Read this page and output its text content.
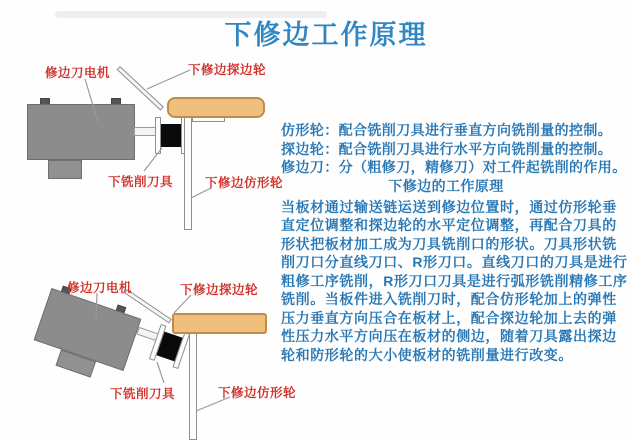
下修边工作原理
修边刀电机	下修边探边轮
下铣削刀具	下修边仿形轮
修边刀电机	下修边探边轮
下铣削刀具	下修边仿形轮
仿形轮：配合铣削刀具进行垂直方向铣削量的控制。
探边轮：配合铣削刀具进行水平方向铣削量的控制。
修边刀：分（粗修刀，精修刀）对工件起铣削的作用。
下修边的工作原理
当板材通过输送链运送到修边位置时，通过仿形轮垂直定位调整和探边轮的水平定位调整，再配合刀具的形状把板材加工成为刀具铣削口的形状。刀具形状铣削刀口分直线刀口、R形刀口。直线刀口的刀具是进行粗修工序铣削，R形刀口刀具是进行弧形铣削精修工序铣削。当板件进入铣削刀时，配合仿形轮加上的弹性压力垂直方向压合在板材上，配合探边轮加上去的弹性压力水平方向压在板材的侧边，随着刀具露出探边轮和防形轮的大小使板材的铣削量进行改变。
